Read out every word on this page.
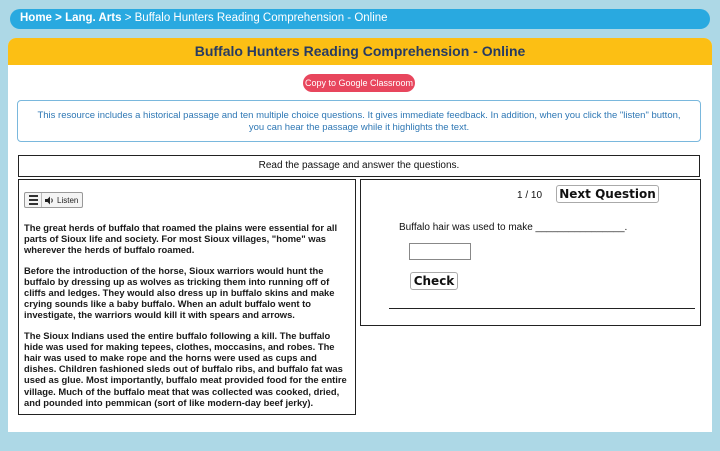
Home > Lang. Arts > Buffalo Hunters Reading Comprehension - Online
Buffalo Hunters Reading Comprehension - Online
Copy to Google Classroom
This resource includes a historical passage and ten multiple choice questions. It gives immediate feedback. In addition, when you click the "listen" button, you can hear the passage while it highlights the text.
Read the passage and answer the questions.
Listen

The great herds of buffalo that roamed the plains were essential for all parts of Sioux life and society. For most Sioux villages, "home" was wherever the herds of buffalo roamed.

Before the introduction of the horse, Sioux warriors would hunt the buffalo by dressing up as wolves as tricking them into running off of cliffs and ledges. They would also dress up in buffalo skins and make crying sounds like a baby buffalo. When an adult buffalo went to investigate, the warriors would kill it with spears and arrows.

The Sioux Indians used the entire buffalo following a kill. The buffalo hide was used for making tepees, clothes, moccasins, and robes. The hair was used to make rope and the horns were used as cups and dishes. Children fashioned sleds out of buffalo ribs, and buffalo fat was used as glue. Most importantly, buffalo meat provided food for the entire village. Much of the buffalo meat that was collected was cooked, dried, and pounded into pemmican (sort of like modern-day beef jerky).

1 / 10 Next Question
Buffalo hair was used to make ________________.
Check
